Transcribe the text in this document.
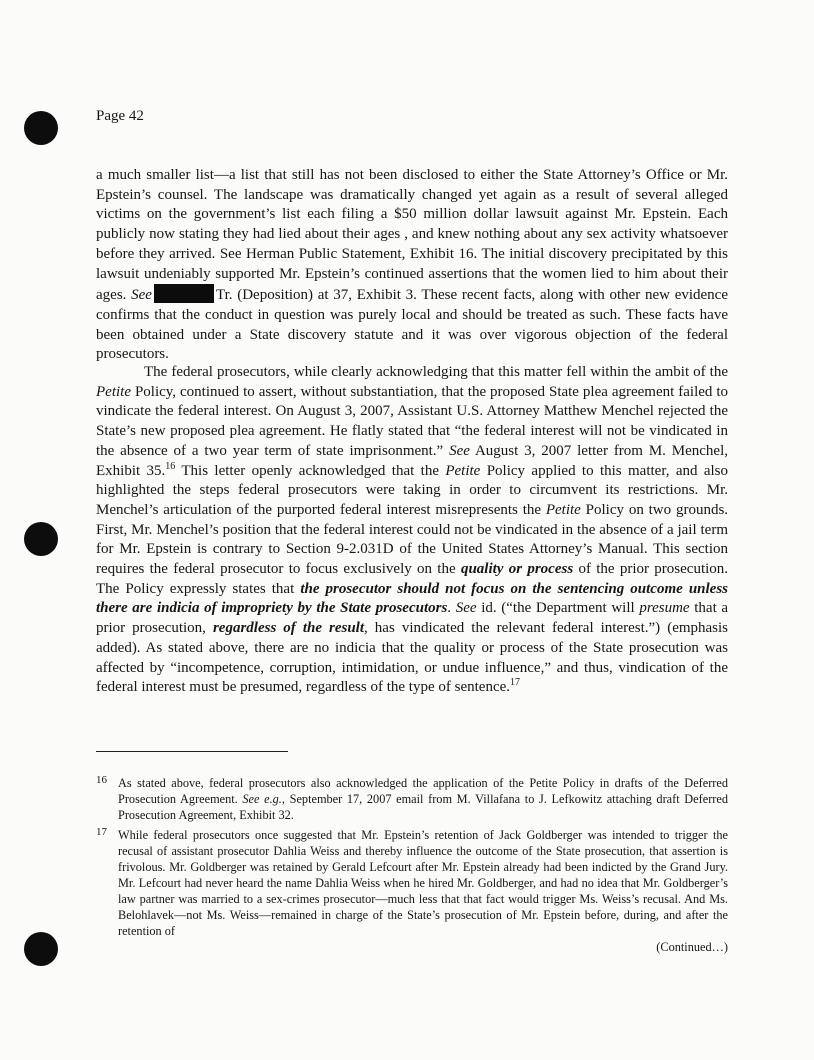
Page 42

a much smaller list—a list that still has not been disclosed to either the State Attorney’s Office or Mr. Epstein’s counsel. The landscape was dramatically changed yet again as a result of several alleged victims on the government’s list each filing a $50 million dollar lawsuit against Mr. Epstein. Each publicly now stating they had lied about their ages , and knew nothing about any sex activity whatsoever before they arrived. See Herman Public Statement, Exhibit 16. The initial discovery precipitated by this lawsuit undeniably supported Mr. Epstein’s continued assertions that the women lied to him about their ages. See	Tr. (Deposition) at 37, Exhibit 3. These recent facts, along with other new evidence confirms that the conduct in question was purely local and should be treated as such. These facts have been obtained under a State discovery statute and it was over vigorous objection of the federal prosecutors.

The federal prosecutors, while clearly acknowledging that this matter fell within the ambit of the Petite Policy, continued to assert, without substantiation, that the proposed State plea agreement failed to vindicate the federal interest. On August 3, 2007, Assistant U.S. Attorney Matthew Menchel rejected the State’s new proposed plea agreement. He flatly stated that “the federal interest will not be vindicated in the absence of a two year term of state imprisonment.” See August 3, 2007 letter from M. Menchel, Exhibit 35.16 This letter openly acknowledged that the Petite Policy applied to this matter, and also highlighted the steps federal prosecutors were taking in order to circumvent its restrictions. Mr. Menchel’s articulation of the purported federal interest misrepresents the Petite Policy on two grounds. First, Mr. Menchel’s position that the federal interest could not be vindicated in the absence of a jail term for Mr. Epstein is contrary to Section 9-2.031D of the United States Attorney’s Manual. This section requires the federal prosecutor to focus exclusively on the quality or process of the prior prosecution. The Policy expressly states that the prosecutor should not focus on the sentencing outcome unless there are indicia of impropriety by the State prosecutors. See id. (“the Department will presume that a prior prosecution, regardless of the result, has vindicated the relevant federal interest.”) (emphasis added). As stated above, there are no indicia that the quality or process of the State prosecution was affected by “incompetence, corruption, intimidation, or undue influence,” and thus, vindication of the federal interest must be presumed, regardless of the type of sentence.$^{17}$

16 As stated above, federal prosecutors also acknowledged the application of the Petite Policy in drafts of the Deferred Prosecution Agreement. See e.g., September 17, 2007 email from M. Villafana to J. Lefkowitz attaching draft Deferred Prosecution Agreement, Exhibit 32.
17 While federal prosecutors once suggested that Mr. Epstein’s retention of Jack Goldberger was intended to trigger the recusal of assistant prosecutor Dahlia Weiss and thereby influence the outcome of the State prosecution, that assertion is frivolous. Mr. Goldberger was retained by Gerald Lefcourt after Mr. Epstein already had been indicted by the Grand Jury. Mr. Lefcourt had never heard the name Dahlia Weiss when he hired Mr. Goldberger, and had no idea that Mr. Goldberger’s law partner was married to a sex-crimes prosecutor—much less that that fact would trigger Ms. Weiss’s recusal. And Ms. Belohlavek—not Ms. Weiss—remained in charge of the State’s prosecution of Mr. Epstein before, during, and after the retention of
(Continued…)
